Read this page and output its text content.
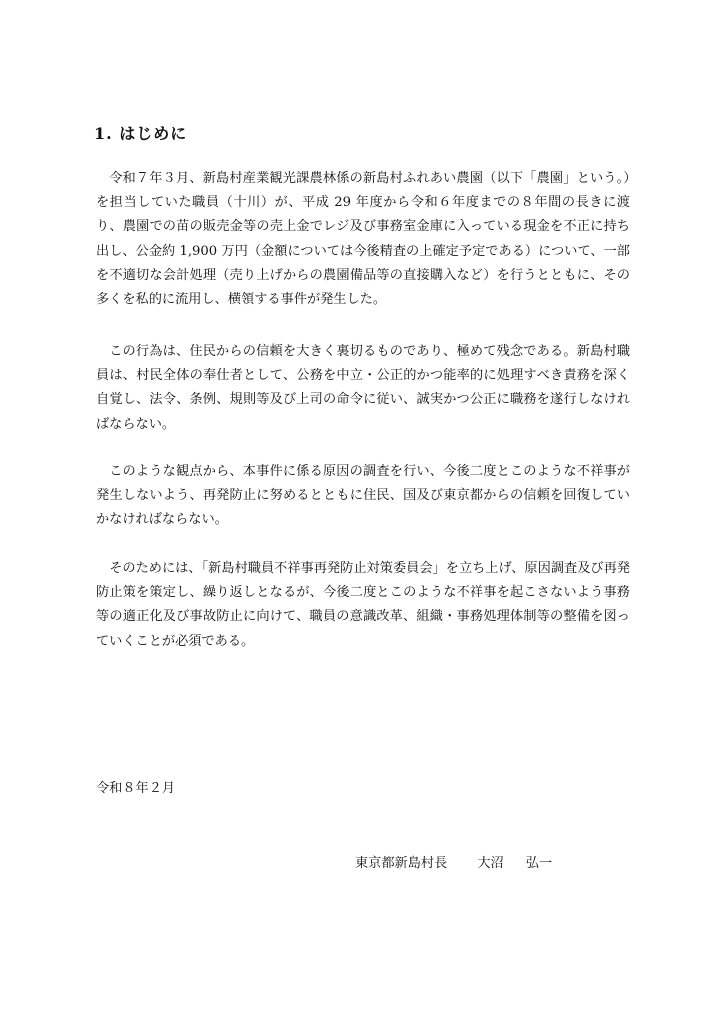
1. はじめに

令和７年３月、新島村産業観光課農林係の新島村ふれあい農園（以下「農園」という。）を担当していた職員（十川）が、平成 29 年度から令和６年度までの８年間の長きに渡り、農園での苗の販売金等の売上金でレジ及び事務室金庫に入っている現金を不正に持ち出し、公金約 1,900 万円（金額については今後精査の上確定予定である）について、一部を不適切な会計処理（売り上げからの農園備品等の直接購入など）を行うとともに、その多くを私的に流用し、横領する事件が発生した。

この行為は、住民からの信頼を大きく裏切るものであり、極めて残念である。新島村職員は、村民全体の奉仕者として、公務を中立・公正的かつ能率的に処理すべき責務を深く自覚し、法令、条例、規則等及び上司の命令に従い、誠実かつ公正に職務を遂行しなければならない。

このような観点から、本事件に係る原因の調査を行い、今後二度とこのような不祥事が発生しないよう、再発防止に努めるとともに住民、国及び東京都からの信頼を回復していかなければならない。

そのためには、「新島村職員不祥事再発防止対策委員会」を立ち上げ、原因調査及び再発防止策を策定し、繰り返しとなるが、今後二度とこのような不祥事を起こさないよう事務等の適正化及び事故防止に向けて、職員の意識改革、組織・事務処理体制等の整備を図っていくことが必須である。

令和８年２月

東京都新島村長 大沼 弘一
